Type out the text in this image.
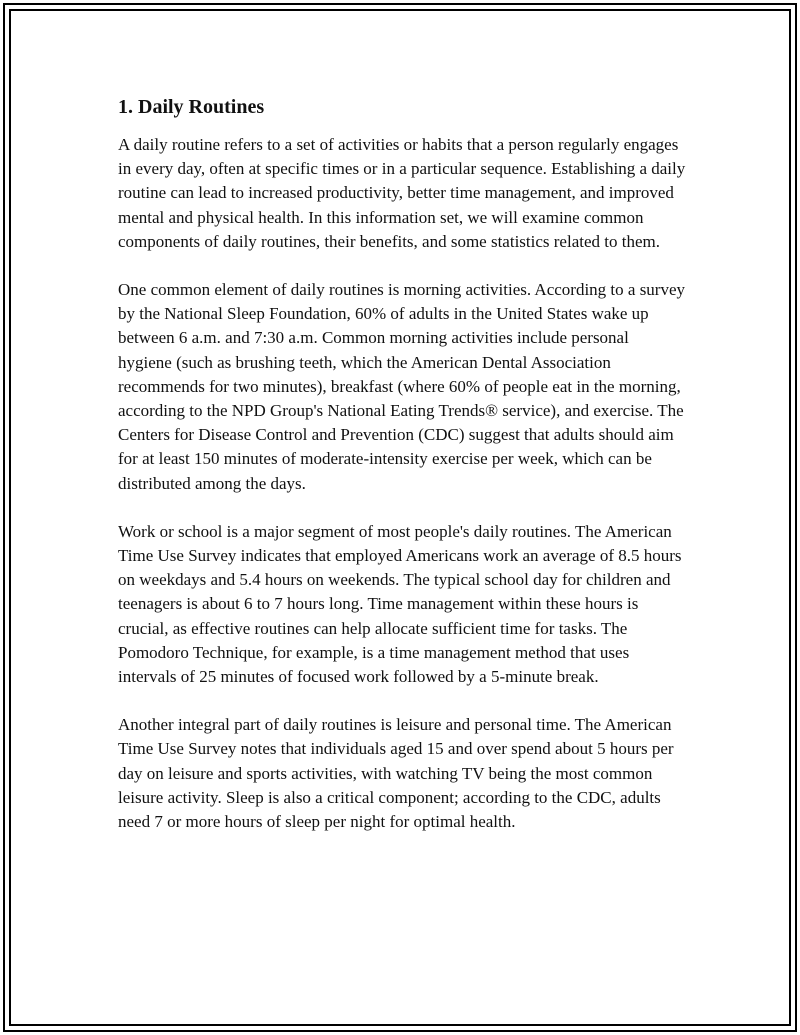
1. Daily Routines

A daily routine refers to a set of activities or habits that a person regularly engages in every day, often at specific times or in a particular sequence. Establishing a daily routine can lead to increased productivity, better time management, and improved mental and physical health. In this information set, we will examine common components of daily routines, their benefits, and some statistics related to them.

One common element of daily routines is morning activities. According to a survey by the National Sleep Foundation, 60% of adults in the United States wake up between 6 a.m. and 7:30 a.m. Common morning activities include personal hygiene (such as brushing teeth, which the American Dental Association recommends for two minutes), breakfast (where 60% of people eat in the morning, according to the NPD Group's National Eating Trends® service), and exercise. The Centers for Disease Control and Prevention (CDC) suggest that adults should aim for at least 150 minutes of moderate-intensity exercise per week, which can be distributed among the days.

Work or school is a major segment of most people's daily routines. The American Time Use Survey indicates that employed Americans work an average of 8.5 hours on weekdays and 5.4 hours on weekends. The typical school day for children and teenagers is about 6 to 7 hours long. Time management within these hours is crucial, as effective routines can help allocate sufficient time for tasks. The Pomodoro Technique, for example, is a time management method that uses intervals of 25 minutes of focused work followed by a 5-minute break.

Another integral part of daily routines is leisure and personal time. The American Time Use Survey notes that individuals aged 15 and over spend about 5 hours per day on leisure and sports activities, with watching TV being the most common leisure activity. Sleep is also a critical component; according to the CDC, adults need 7 or more hours of sleep per night for optimal health.
